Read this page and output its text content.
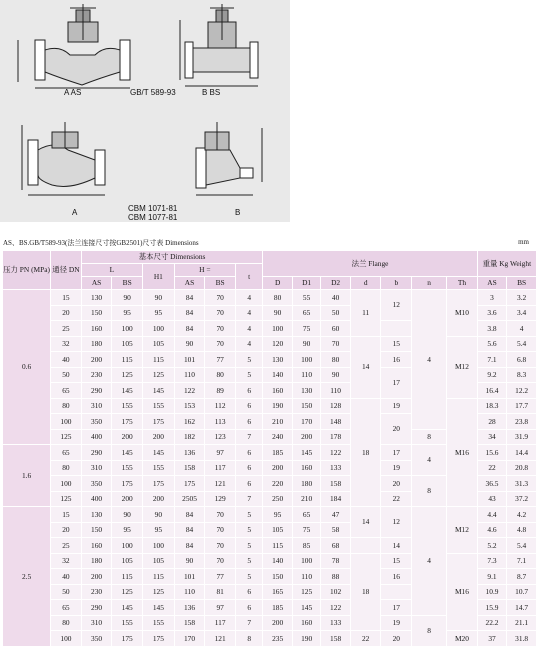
A AS	GB/T 589-93	B BS
A	B
CBM 1071-81
CBM 1077-81
AS、BS.GB/T589-93(法兰连接尺寸按GB2501)尺寸表 Dimensions	mm
压力 PN (MPa)	通径 DN	基本尺寸 Dimensions						法兰 Flange							重量 Kg Weight	
		L		H1	H =		t									
		AS	BS		AS	BS		D	D1	D2	d	b	n	Th	AS	BS
0.6	15	130	90	90	84	70	4	80	55	40	11	12	4	M10	3	3.2
	20	150	95	95	84	70	4	90	65	50					3.6	3.4
	25	160	100	100	84	70	4	100	75	60					3.8	4
	32	180	105	105	90	70	4	120	90	70	14	15		M12	5.6	5.4
	40	200	115	115	101	77	5	130	100	80		16			7.1	6.8
	50	230	125	125	110	80	5	140	110	90		17			9.2	8.3
	65	290	145	145	122	89	6	160	130	110					16.4	12.2
	80	310	155	155	153	112	6	190	150	128	18	19		M16	18.3	17.7
	100	350	175	175	162	113	6	210	170	148		20			28	23.8
	125	400	200	200	182	123	7	240	200	178			8		34	31.9
1.6	65	290	145	145	136	97	6	185	145	122		17	4		15.6	14.4
	80	310	155	155	158	117	6	200	160	133		19			22	20.8
	100	350	175	175	175	121	6	220	180	158		20	8		36.5	31.3
	125	400	200	200	2505	129	7	250	210	184		22			43	37.2
2.5	15	130	90	90	84	70	5	95	65	47	14	12	4	M12	4.4	4.2
	20	150	95	95	84	70	5	105	75	58					4.6	4.8
	25	160	100	100	84	70	5	115	85	68		14			5.2	5.4
	32	180	105	105	90	70	5	140	100	78	18	15		M16	7.3	7.1
	40	200	115	115	101	77	5	150	110	88		16			9.1	8.7
	50	230	125	125	110	81	6	165	125	102					10.9	10.7
	65	290	145	145	136	97	6	185	145	122		17			15.9	14.7
	80	310	155	155	158	117	7	200	160	133		19	8		22.2	21.1
	100	350	175	175	170	121	8	235	190	158	22	20		M20	37	31.8
